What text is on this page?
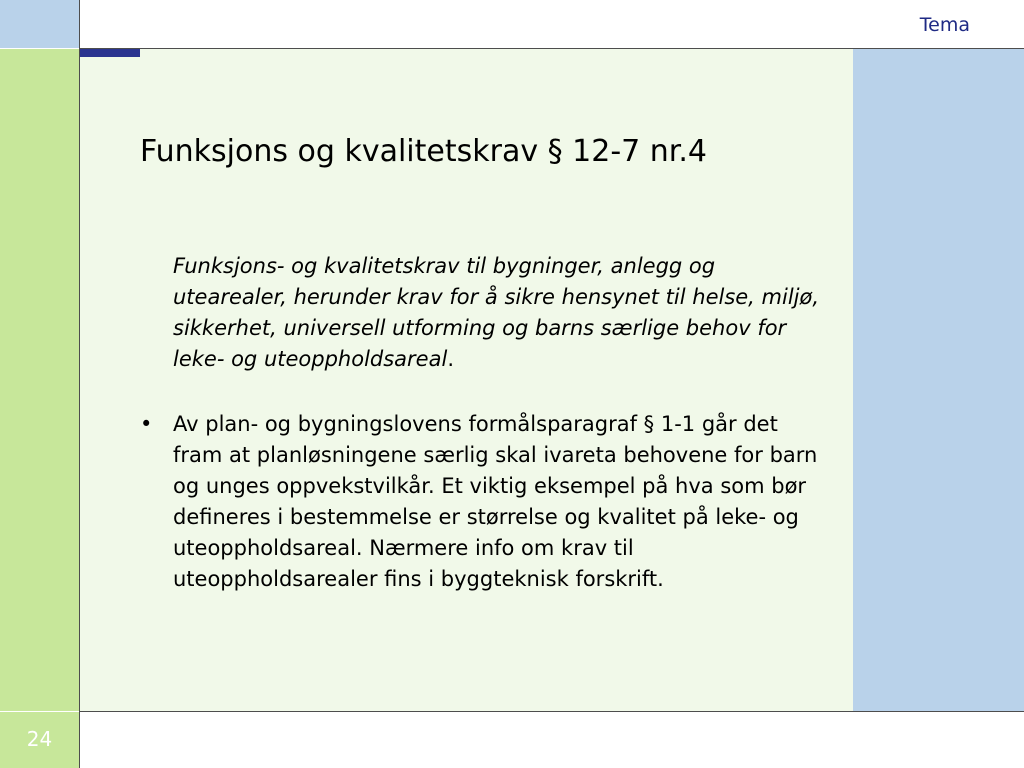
Tema
24
Funksjons og kvalitetskrav § 12-7 nr.4
Funksjons- og kvalitetskrav til bygninger, anlegg og utearealer, herunder krav for å sikre hensynet til helse, miljø, sikkerhet, universell utforming og barns særlige behov for leke- og uteoppholdsareal.
• Av plan- og bygningslovens formålsparagraf § 1-1 går det fram at planløsningene særlig skal ivareta behovene for barn og unges oppvekstvilkår. Et viktig eksempel på hva som bør defineres i bestemmelse er størrelse og kvalitet på leke- og uteoppholdsareal. Nærmere info om krav til uteoppholdsarealer fins i byggteknisk forskrift.
